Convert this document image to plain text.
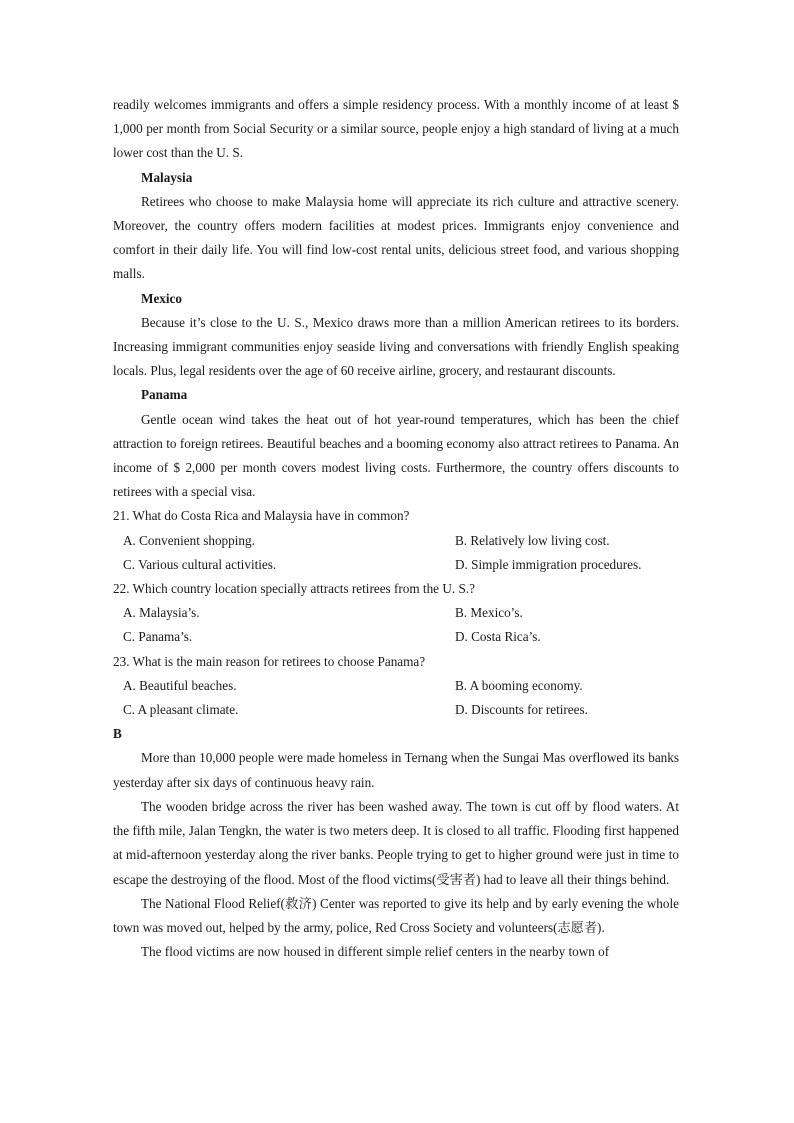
readily welcomes immigrants and offers a simple residency process. With a monthly income of at least $ 1,000 per month from Social Security or a similar source, people enjoy a high standard of living at a much lower cost than the U. S.

Malaysia

Retirees who choose to make Malaysia home will appreciate its rich culture and attractive scenery. Moreover, the country offers modern facilities at modest prices. Immigrants enjoy convenience and comfort in their daily life. You will find low-cost rental units, delicious street food, and various shopping malls.

Mexico

Because it’s close to the U. S., Mexico draws more than a million American retirees to its borders. Increasing immigrant communities enjoy seaside living and conversations with friendly English speaking locals. Plus, legal residents over the age of 60 receive airline, grocery, and restaurant discounts.

Panama

Gentle ocean wind takes the heat out of hot year-round temperatures, which has been the chief attraction to foreign retirees. Beautiful beaches and a booming economy also attract retirees to Panama. An income of $ 2,000 per month covers modest living costs. Furthermore, the country offers discounts to retirees with a special visa.

21. What do Costa Rica and Malaysia have in common?

A. Convenient shopping.	B. Relatively low living cost.
C. Various cultural activities.	D. Simple immigration procedures.

22. Which country location specially attracts retirees from the U. S.?

A. Malaysia’s.	B. Mexico’s.
C. Panama’s.	D. Costa Rica’s.

23. What is the main reason for retirees to choose Panama?

A. Beautiful beaches.	B. A booming economy.
C. A pleasant climate.	D. Discounts for retirees.

B

More than 10,000 people were made homeless in Ternang when the Sungai Mas overflowed its banks yesterday after six days of continuous heavy rain.

The wooden bridge across the river has been washed away. The town is cut off by flood waters. At the fifth mile, Jalan Tengkn, the water is two meters deep. It is closed to all traffic. Flooding first happened at mid-afternoon yesterday along the river banks. People trying to get to higher ground were just in time to escape the destroying of the flood. Most of the flood victims(受害者) had to leave all their things behind.

The National Flood Relief(救济) Center was reported to give its help and by early evening the whole town was moved out, helped by the army, police, Red Cross Society and volunteers(志愿者).

The flood victims are now housed in different simple relief centers in the nearby town of
